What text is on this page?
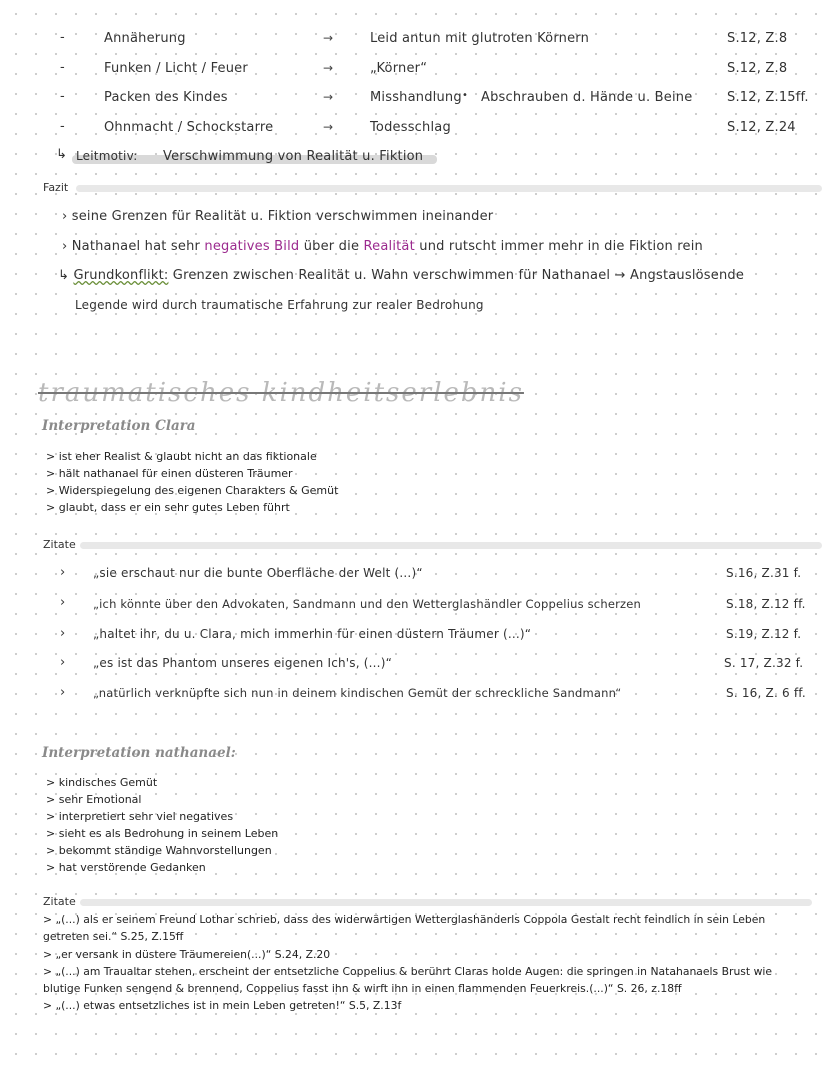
-	Annäherung	→	Leid antun mit glutroten Körnern	S.12, Z.8
-	Funken / Licht / Feuer	→	„Körner“	S.12, Z.8
-	Packen des Kindes	→	Misshandlung • Abschrauben d. Hände u. Beine	S.12, Z.15ff.
-	Ohnmacht / Schockstarre	→	Todesschlag	S.12, Z.24
↳ Leitmotiv: Verschwimmung von Realität u. Fiktion
Fazit
› seine Grenzen für Realität u. Fiktion verschwimmen ineinander
› Nathanael hat sehr negatives Bild über die Realität und rutscht immer mehr in die Fiktion rein
↳ Grundkonflikt: Grenzen zwischen Realität u. Wahn verschwimmen für Nathanael → Angstauslösende
Legende wird durch traumatische Erfahrung zur realer Bedrohung
traumatisches kindheitserlebnis
Interpretation Clara
> ist eher Realist & glaubt nicht an das fiktionale
> hält nathanael für einen düsteren Träumer
> Widerspiegelung des eigenen Charakters & Gemüt
> glaubt, dass er ein sehr gutes Leben führt
Zitate
› „sie erschaut nur die bunte Oberfläche der Welt (...)“	S.16, Z.31 f.
› „ich könnte über den Advokaten, Sandmann und den Wetterglashändler Coppelius scherzen	S.18, Z.12 ff.
› „haltet ihr, du u. Clara, mich immerhin für einen düstern Träumer (...)“	S.19, Z.12 f.
› „es ist das Phantom unseres eigenen Ich's, (...)“	S. 17, Z.32 f.
› „natürlich verknüpfte sich nun in deinem kindischen Gemüt der schreckliche Sandmann“	S. 16, Z. 6 ff.
Interpretation nathanael:
> kindisches Gemüt
> sehr Emotional
> interpretiert sehr viel negatives
> sieht es als Bedrohung in seinem Leben
> bekommt ständige Wahnvorstellungen
> hat verstörende Gedanken
Zitate
> „(...) als er seinem Freund Lothar schrieb, dass des widerwärtigen Wetterglashänderls Coppola Gestalt recht feindlich in sein Leben
getreten sei.“ S.25, Z.15ff
> „er versank in düstere Träumereien(...)“ S.24, Z.20
> „(...) am Traualtar stehen, erscheint der entsetzliche Coppelius & berührt Claras holde Augen: die springen in Natahanaels Brust wie
blutige Funken sengend & brennend, Coppelius fasst ihn & wirft ihn in einen flammenden Feuerkreis.(...)“ S. 26, z.18ff
> „(...) etwas entsetzliches ist in mein Leben getreten!“ S.5, Z.13f
